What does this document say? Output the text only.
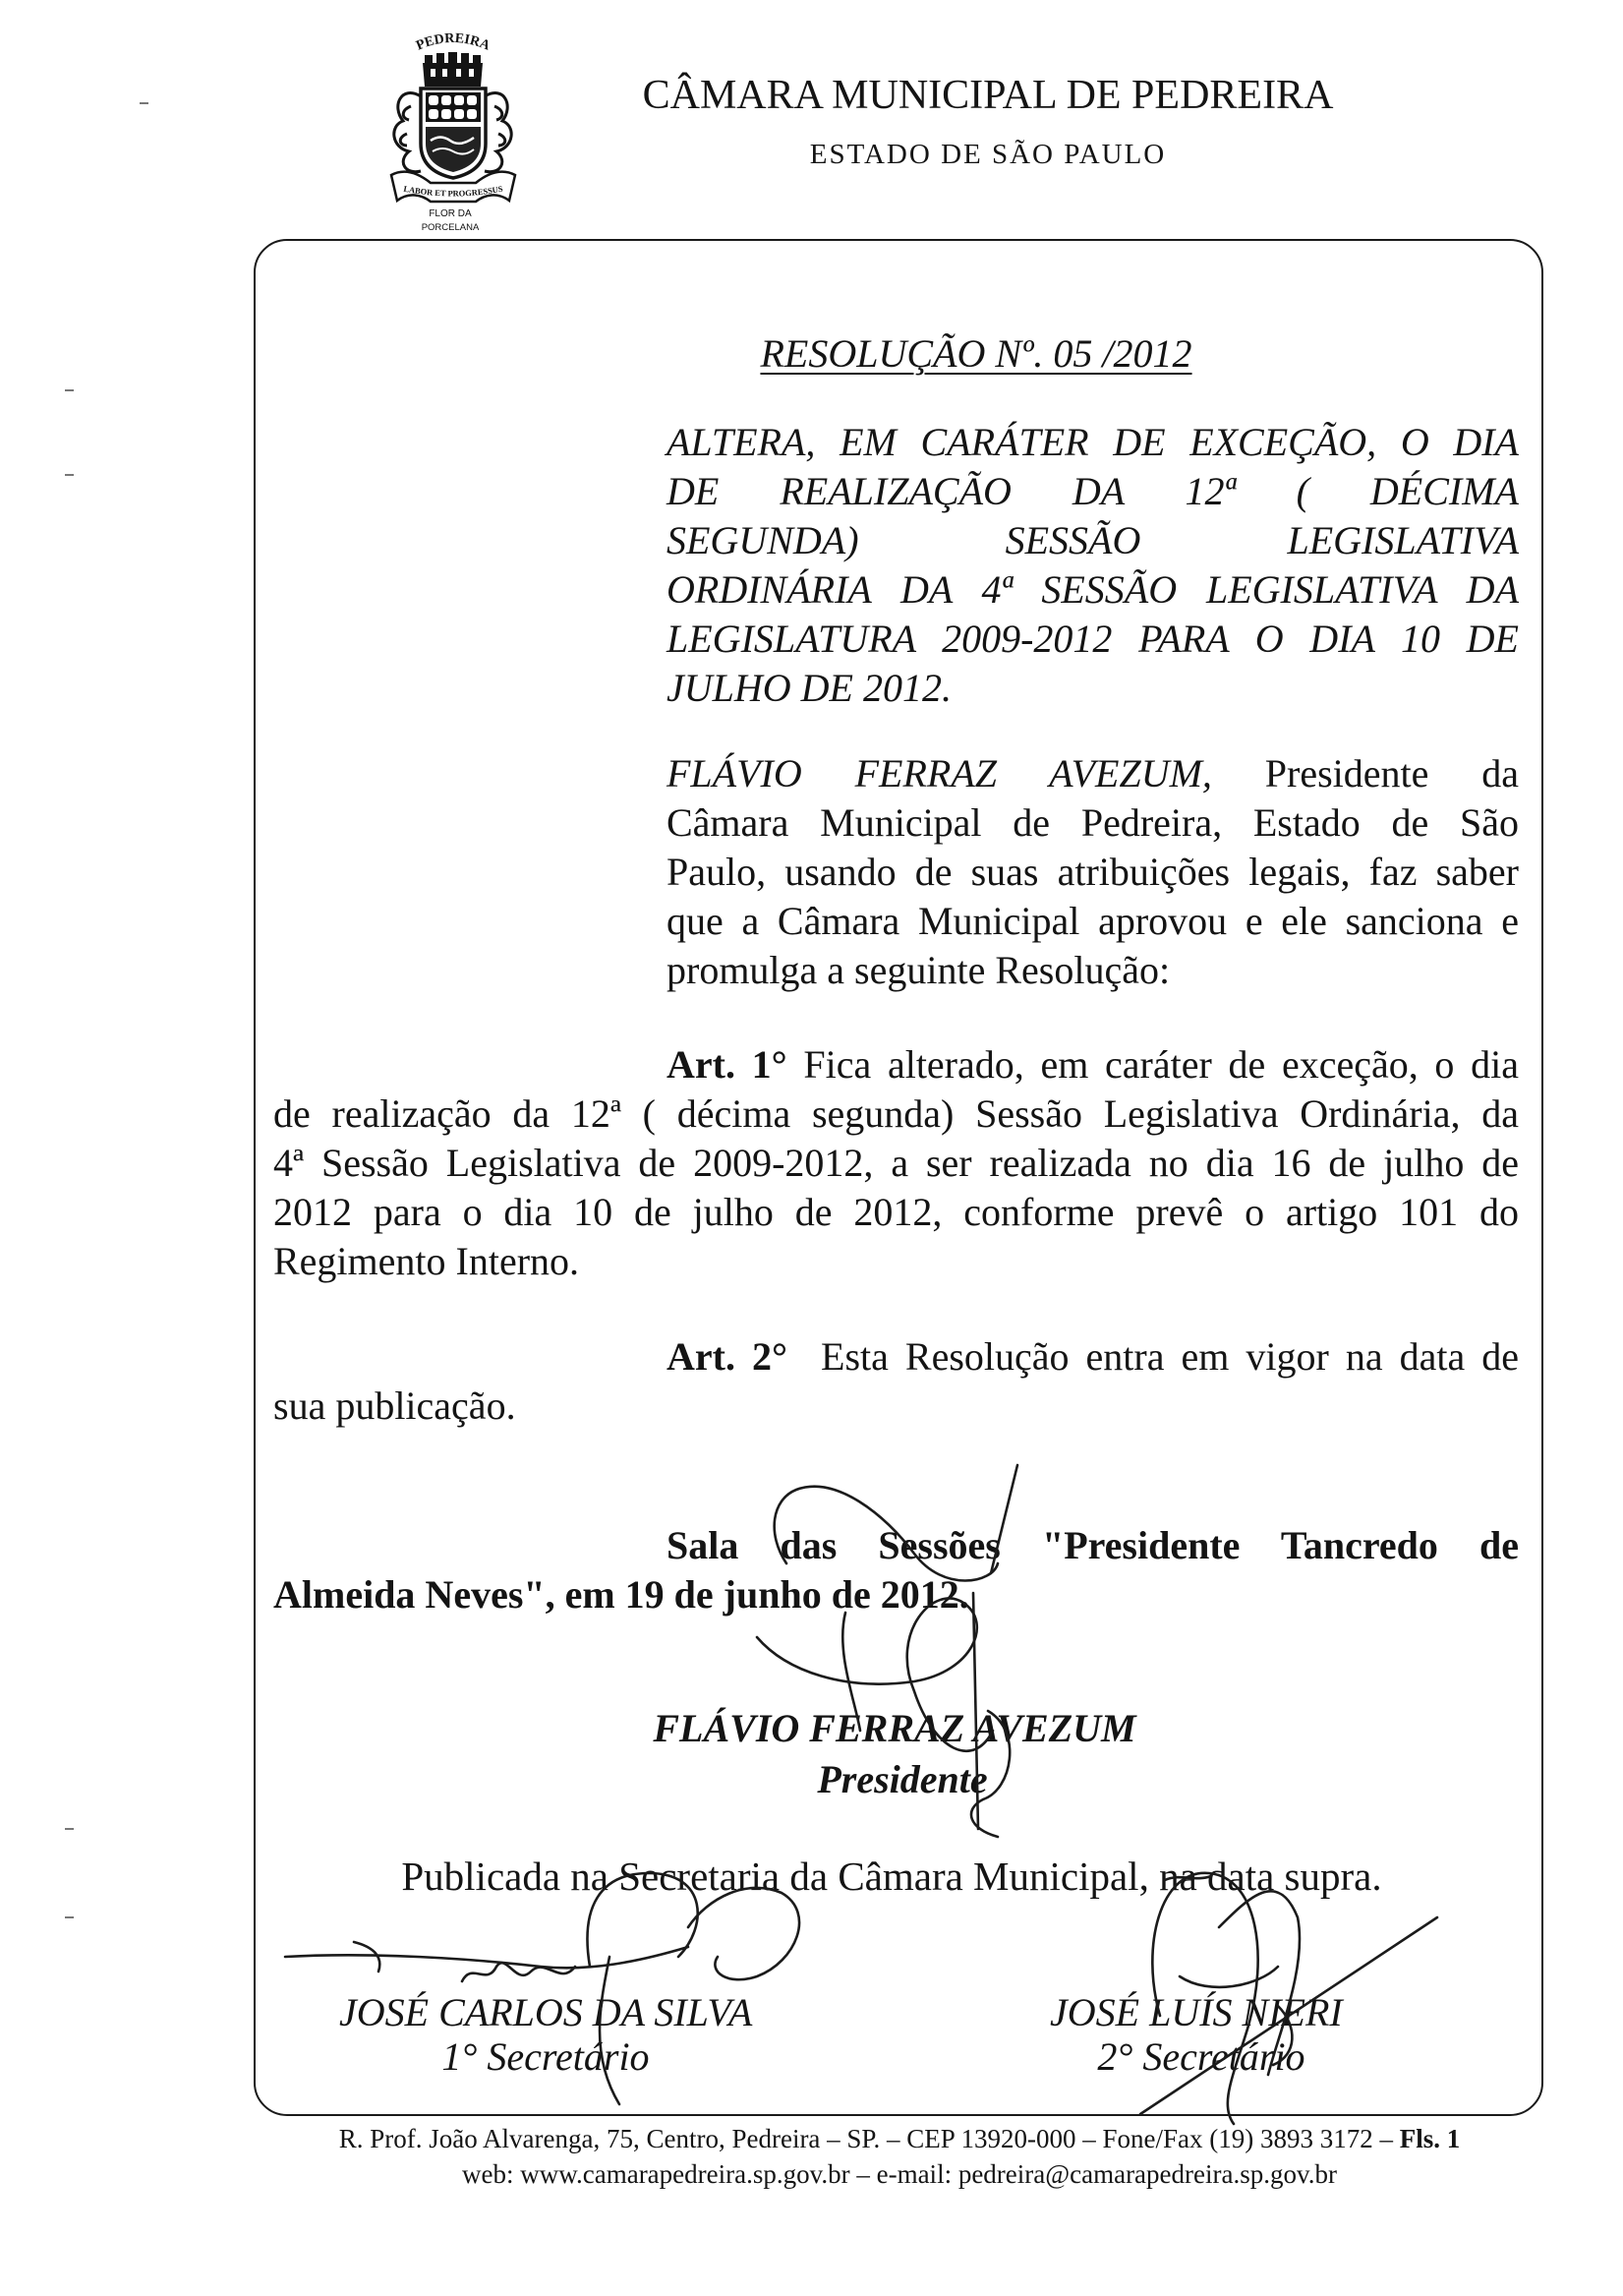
PEDREIRA
LABOR ET PROGRESSUS
FLOR DA
PORCELANA
CÂMARA MUNICIPAL DE PEDREIRA
ESTADO DE SÃO PAULO
RESOLUÇÃO Nº. 05 /2012
ALTERA, EM CARÁTER DE EXCEÇÃO, O DIA
DE REALIZAÇÃO DA 12ª ( DÉCIMA
SEGUNDA) SESSÃO LEGISLATIVA
ORDINÁRIA DA 4ª SESSÃO LEGISLATIVA DA
LEGISLATURA 2009-2012 PARA O DIA 10 DE
JULHO DE 2012.
FLÁVIO FERRAZ AVEZUM, Presidente da
Câmara Municipal de Pedreira, Estado de São
Paulo, usando de suas atribuições legais, faz saber
que a Câmara Municipal aprovou e ele sanciona e
promulga a seguinte Resolução:
Art. 1° Fica alterado, em caráter de exceção, o dia
de realização da 12ª ( décima segunda) Sessão Legislativa Ordinária, da
4ª Sessão Legislativa de 2009-2012, a ser realizada no dia 16 de julho de
2012 para o dia 10 de julho de 2012, conforme prevê o artigo 101 do
Regimento Interno.
Art. 2° Esta Resolução entra em vigor na data de
sua publicação.
Sala das Sessões "Presidente Tancredo de
Almeida Neves", em 19 de junho de 2012.
FLÁVIO FERRAZ AVEZUM
Presidente
Publicada na Secretaria da Câmara Municipal, na data supra.
JOSÉ CARLOS DA SILVA
1° Secretário
JOSÉ LUÍS NIERI
2° Secretário
R. Prof. João Alvarenga, 75, Centro, Pedreira – SP. – CEP 13920-000 – Fone/Fax (19) 3893 3172 – Fls. 1
web: www.camarapedreira.sp.gov.br – e-mail: pedreira@camarapedreira.sp.gov.br
